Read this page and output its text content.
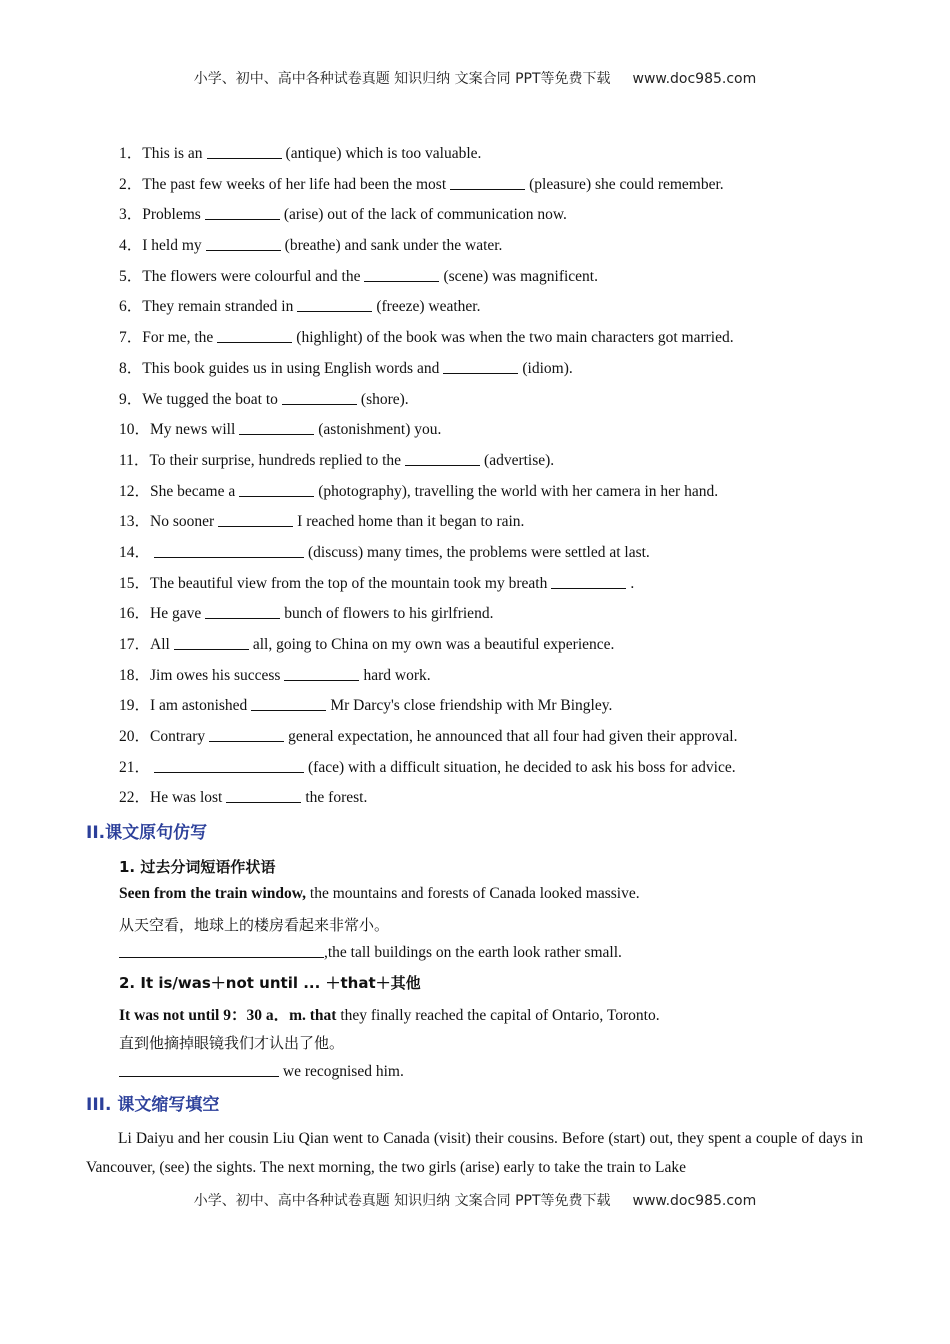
小学、初中、高中各种试卷真题 知识归纳 文案合同 PPT等免费下载 www.doc985.com
1．This is an	(antique) which is too valuable.
2．The past few weeks of her life had been the most	(pleasure) she could remember.
3．Problems	(arise) out of the lack of communication now.
4．I held my	(breathe) and sank under the water.
5．The flowers were colourful and the	(scene) was magnificent.
6．They remain stranded in	(freeze) weather.
7．For me, the	(highlight) of the book was when the two main characters got married.
8．This book guides us in using English words and	(idiom).
9．We tugged the boat to	(shore).
10．My news will	(astonishment) you.
11．To their surprise, hundreds replied to the	(advertise).
12．She became a	(photography), travelling the world with her camera in her hand.
13．No sooner	I reached home than it began to rain.
14．	(discuss) many times, the problems were settled at last.
15．The beautiful view from the top of the mountain took my breath	.
16．He gave	bunch of flowers to his girlfriend.
17．All	all, going to China on my own was a beautiful experience.
18．Jim owes his success	hard work.
19．I am astonished	Mr Darcy's close friendship with Mr Bingley.
20．Contrary	general expectation, he announced that all four had given their approval.
21．	(face) with a difficult situation, he decided to ask his boss for advice.
22．He was lost	the forest.
II.课文原句仿写
1. 过去分词短语作状语
Seen from the train window, the mountains and forests of Canada looked massive.
从天空看，地球上的楼房看起来非常小。
,the tall buildings on the earth look rather small.
2. It is/was＋not until ... ＋that＋其他
It was not until 9：30 a．m. that they finally reached the capital of Ontario, Toronto.
直到他摘掉眼镜我们才认出了他。
we recognised him.
III. 课文缩写填空
Li Daiyu and her cousin Liu Qian went to Canada (visit) their cousins. Before (start) out, they spent a couple of days in Vancouver, (see) the sights. The next morning, the two girls (arise) early to take the train to Lake
小学、初中、高中各种试卷真题 知识归纳 文案合同 PPT等免费下载 www.doc985.com
